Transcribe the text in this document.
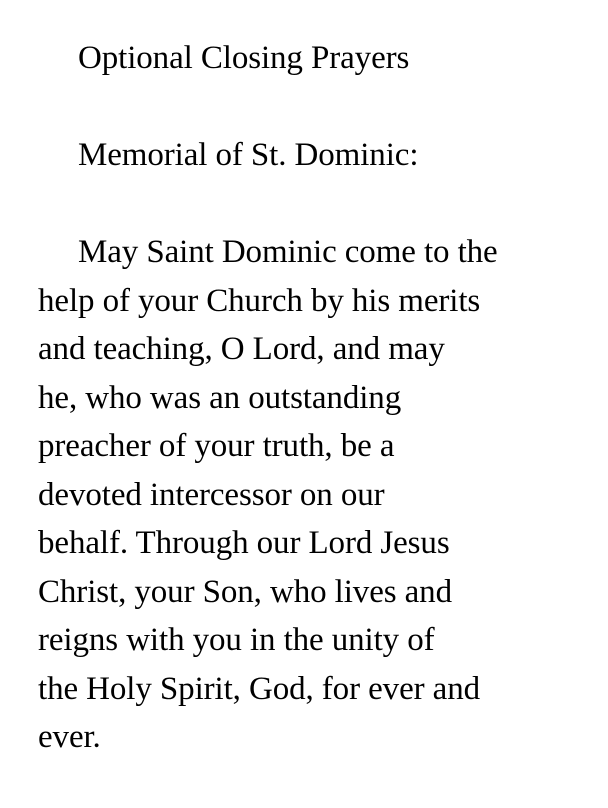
Optional Closing Prayers

Memorial of St. Dominic:

May Saint Dominic come to the
help of your Church by his merits
and teaching, O Lord, and may
he, who was an outstanding
preacher of your truth, be a
devoted intercessor on our
behalf. Through our Lord Jesus
Christ, your Son, who lives and
reigns with you in the unity of
the Holy Spirit, God, for ever and
ever.
